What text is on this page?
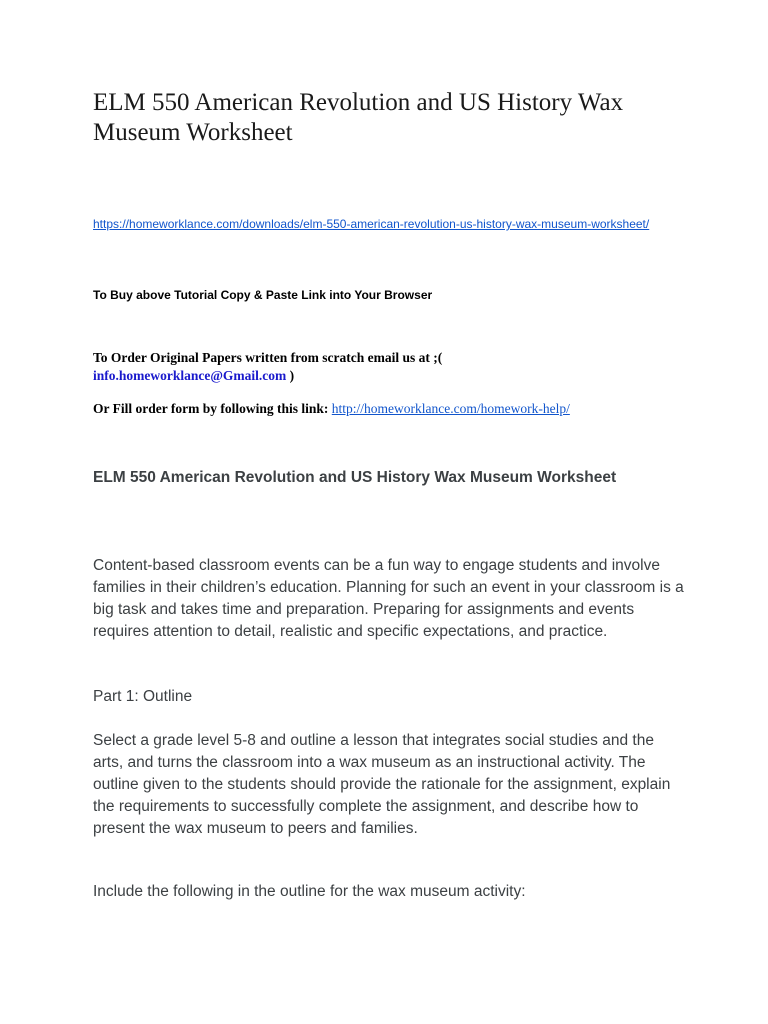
ELM 550 American Revolution and US History Wax Museum Worksheet
https://homeworklance.com/downloads/elm-550-american-revolution-us-history-wax-museum-worksheet/
To Buy above Tutorial Copy & Paste Link into Your Browser
To Order Original Papers written from scratch email us at ;(
info.homeworklance@Gmail.com )
Or Fill order form by following this link: http://homeworklance.com/homework-help/
ELM 550 American Revolution and US History Wax Museum Worksheet

Content-based classroom events can be a fun way to engage students and involve families in their children’s education. Planning for such an event in your classroom is a big task and takes time and preparation. Preparing for assignments and events requires attention to detail, realistic and specific expectations, and practice.

Part 1: Outline

Select a grade level 5-8 and outline a lesson that integrates social studies and the arts, and turns the classroom into a wax museum as an instructional activity. The outline given to the students should provide the rationale for the assignment, explain the requirements to successfully complete the assignment, and describe how to present the wax museum to peers and families.

Include the following in the outline for the wax museum activity:
